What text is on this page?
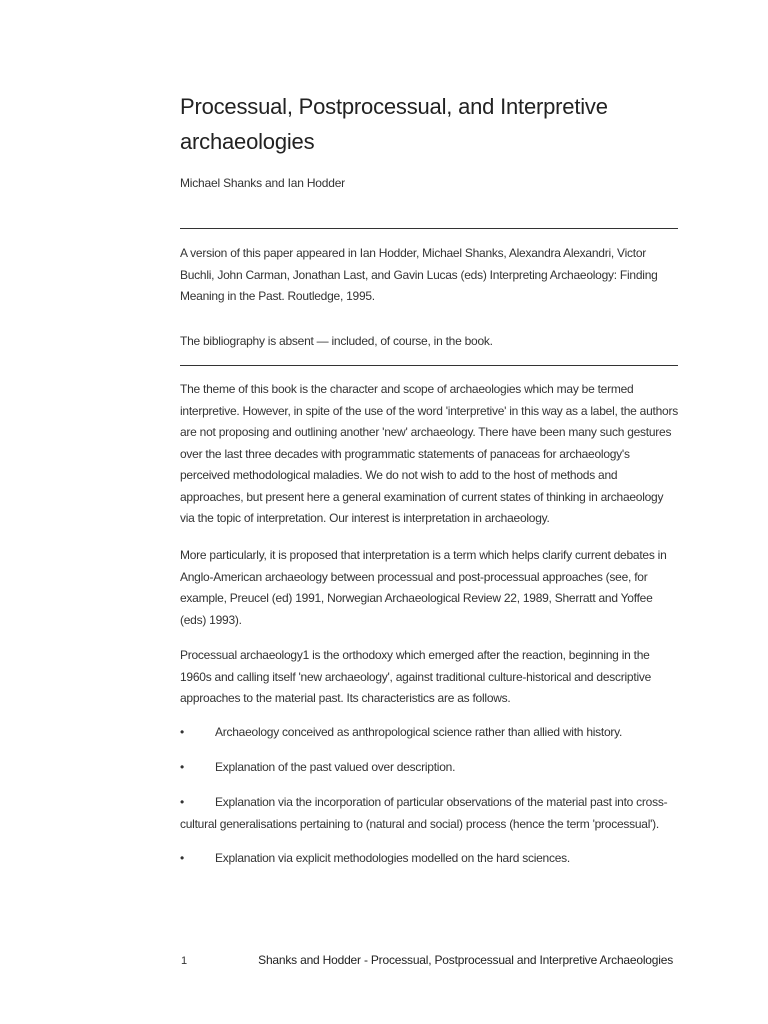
Processual, Postprocessual, and Interpretive archaeologies

Michael Shanks and Ian Hodder

A version of this paper appeared in Ian Hodder, Michael Shanks, Alexandra Alexandri, Victor Buchli, John Carman, Jonathan Last, and Gavin Lucas (eds) Interpreting Archaeology: Finding Meaning in the Past. Routledge, 1995.

The bibliography is absent — included, of course, in the book.

The theme of this book is the character and scope of archaeologies which may be termed interpretive. However, in spite of the use of the word 'interpretive' in this way as a label, the authors are not proposing and outlining another 'new' archaeology. There have been many such gestures over the last three decades with programmatic statements of panaceas for archaeology's perceived methodological maladies. We do not wish to add to the host of methods and approaches, but present here a general examination of current states of thinking in archaeology via the topic of interpretation. Our interest is interpretation in archaeology.

More particularly, it is proposed that interpretation is a term which helps clarify current debates in Anglo-American archaeology between processual and post-processual approaches (see, for example, Preucel (ed) 1991, Norwegian Archaeological Review 22, 1989, Sherratt and Yoffee (eds) 1993).

Processual archaeology1 is the orthodoxy which emerged after the reaction, beginning in the 1960s and calling itself 'new archaeology', against traditional culture-historical and descriptive approaches to the material past. Its characteristics are as follows.

•	Archaeology conceived as anthropological science rather than allied with history.

•	Explanation of the past valued over description.

•	Explanation via the incorporation of particular observations of the material past into cross-cultural generalisations pertaining to (natural and social) process (hence the term 'processual').

•	Explanation via explicit methodologies modelled on the hard sciences.

1	Shanks and Hodder - Processual, Postprocessual and Interpretive Archaeologies
